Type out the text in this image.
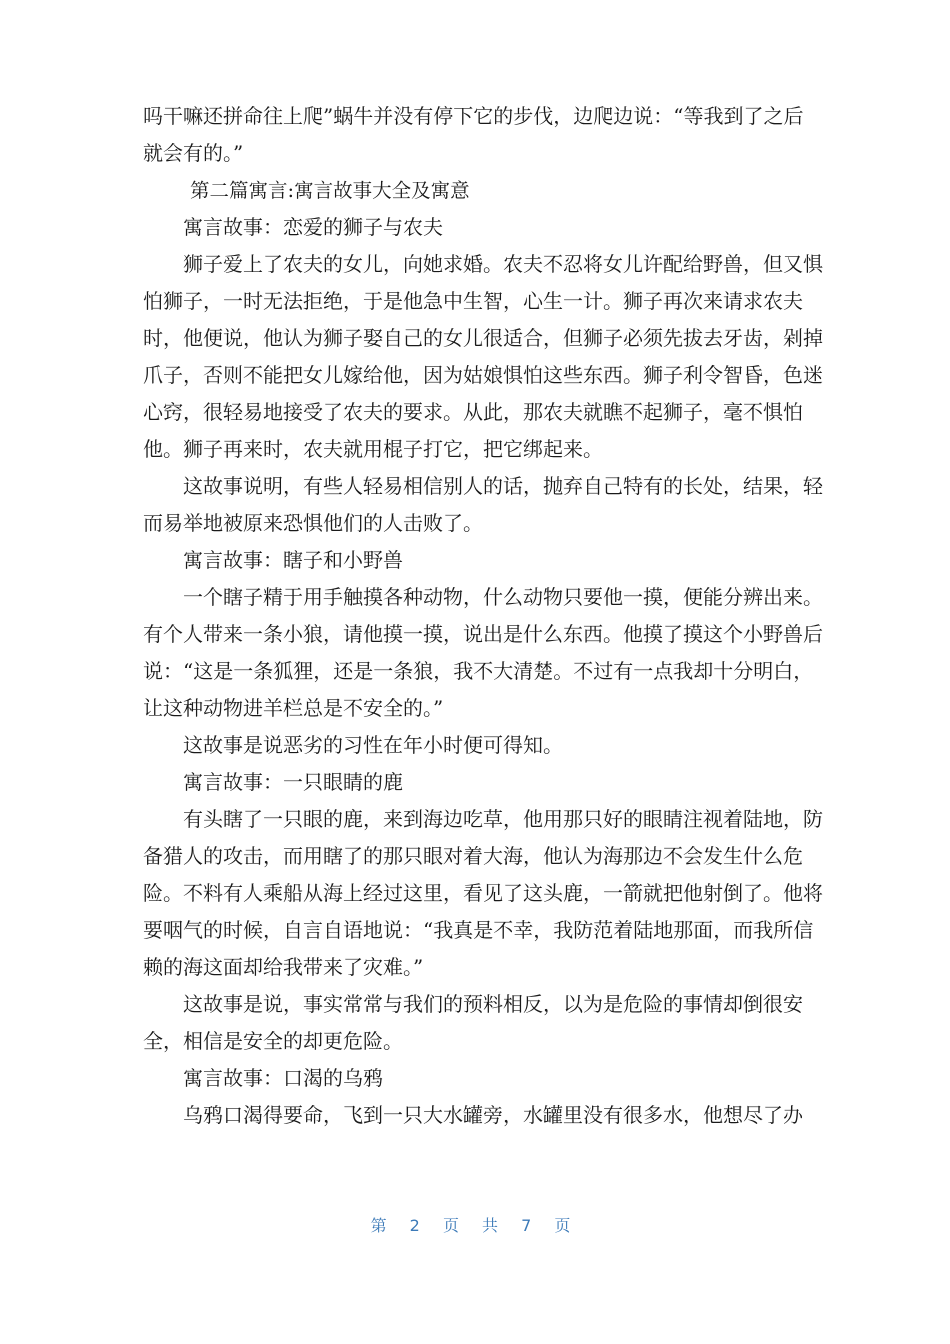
吗干嘛还拼命往上爬”蜗牛并没有停下它的步伐，边爬边说：“等我到了之后
就会有的。”
第二篇寓言:寓言故事大全及寓意
寓言故事：恋爱的狮子与农夫
狮子爱上了农夫的女儿，向她求婚。农夫不忍将女儿许配给野兽，但又惧
怕狮子，一时无法拒绝，于是他急中生智，心生一计。狮子再次来请求农夫
时，他便说，他认为狮子娶自己的女儿很适合，但狮子必须先拔去牙齿，剁掉
爪子，否则不能把女儿嫁给他，因为姑娘惧怕这些东西。狮子利令智昏，色迷
心窍，很轻易地接受了农夫的要求。从此，那农夫就瞧不起狮子，毫不惧怕
他。狮子再来时，农夫就用棍子打它，把它绑起来。
这故事说明，有些人轻易相信别人的话，抛弃自己特有的长处，结果，轻
而易举地被原来恐惧他们的人击败了。
寓言故事：瞎子和小野兽
一个瞎子精于用手触摸各种动物，什么动物只要他一摸，便能分辨出来。
有个人带来一条小狼，请他摸一摸，说出是什么东西。他摸了摸这个小野兽后
说：“这是一条狐狸，还是一条狼，我不大清楚。不过有一点我却十分明白，
让这种动物进羊栏总是不安全的。”
这故事是说恶劣的习性在年小时便可得知。
寓言故事：一只眼睛的鹿
有头瞎了一只眼的鹿，来到海边吃草，他用那只好的眼睛注视着陆地，防
备猎人的攻击，而用瞎了的那只眼对着大海，他认为海那边不会发生什么危
险。不料有人乘船从海上经过这里，看见了这头鹿，一箭就把他射倒了。他将
要咽气的时候，自言自语地说：“我真是不幸，我防范着陆地那面，而我所信
赖的海这面却给我带来了灾难。”
这故事是说，事实常常与我们的预料相反，以为是危险的事情却倒很安
全，相信是安全的却更危险。
寓言故事：口渴的乌鸦
乌鸦口渴得要命，飞到一只大水罐旁，水罐里没有很多水，他想尽了办
第 2 页 共 7 页
